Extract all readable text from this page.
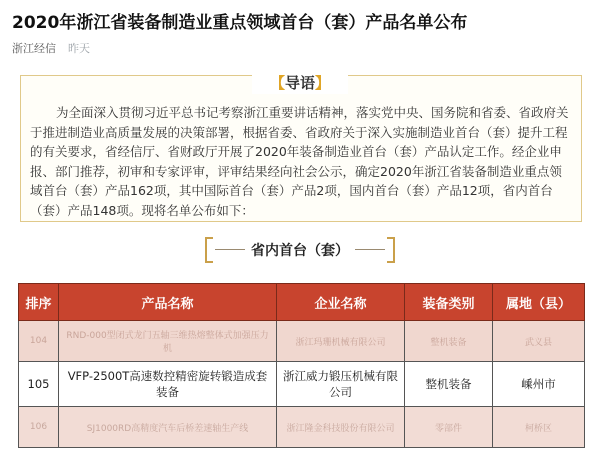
2020年浙江省装备制造业重点领域首台（套）产品名单公布
浙江经信 昨天
【导语】
为全面深入贯彻习近平总书记考察浙江重要讲话精神，落实党中央、国务院和省委、省政府关于推进制造业高质量发展的决策部署，根据省委、省政府关于深入实施制造业首台（套）提升工程的有关要求，省经信厅、省财政厅开展了2020年装备制造业首台（套）产品认定工作。经企业申报、部门推荐，初审和专家评审，评审结果经向社会公示，确定2020年浙江省装备制造业重点领域首台（套）产品162项，其中国际首台（套）产品2项，国内首台（套）产品12项，省内首台（套）产品148项。现将名单公布如下：
省内首台（套）
排序	产品名称	企业名称	装备类别	属地（县）
104	RND-000型闭式龙门五轴三维热熔整体式加强压力机	浙江玛珊机械有限公司	整机装备	武义县
105	VFP-2500T高速数控精密旋转锻造成套装备	浙江威力锻压机械有限公司	整机装备	嵊州市
106	SJ1000RD高精度汽车后桥差速轴生产线	浙江隆金科技股份有限公司	零部件	柯桥区
